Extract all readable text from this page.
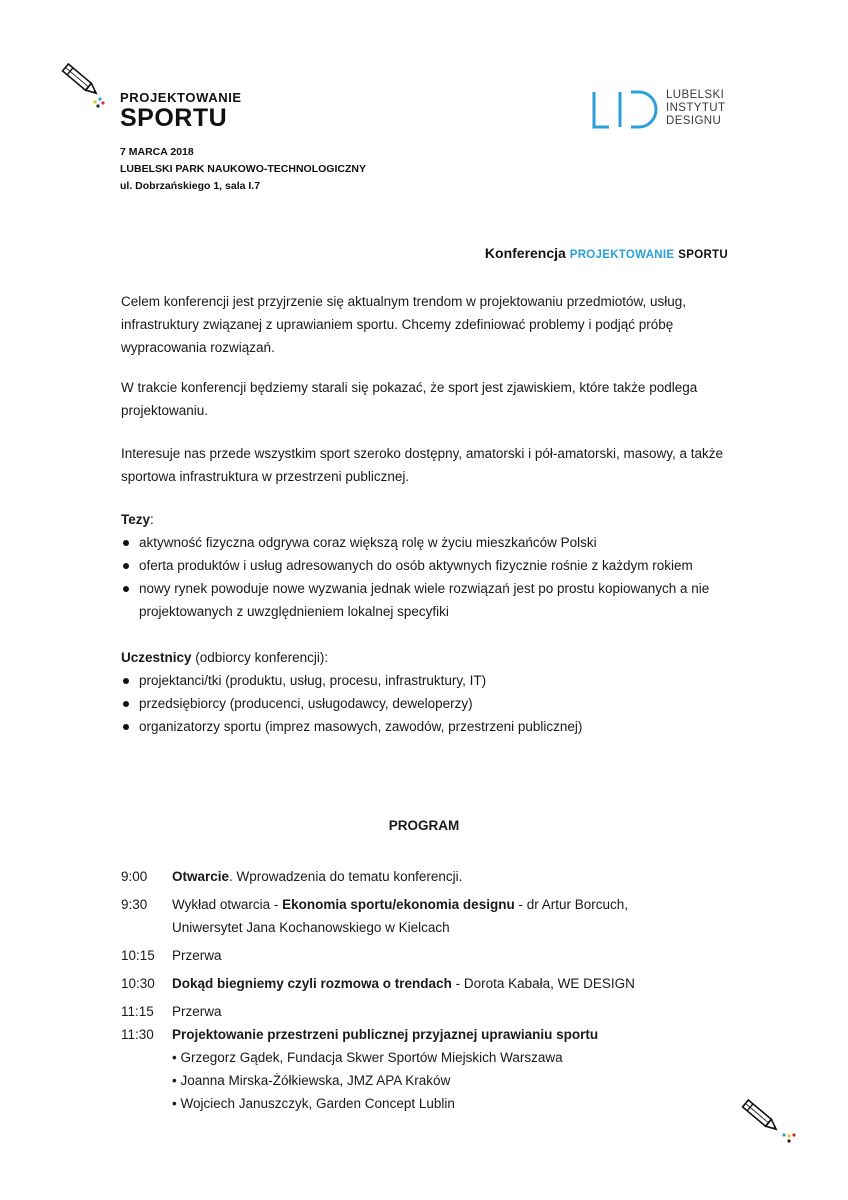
PROJEKTOWANIE
SPORTU
7 MARCA 2018
LUBELSKI PARK NAUKOWO-TECHNOLOGICZNY
ul. Dobrzańskiego 1, sala I.7
LUBELSKI
INSTYTUT
DESIGNU
Konferencja PROJEKTOWANIE SPORTU

Celem konferencji jest przyjrzenie się aktualnym trendom w projektowaniu przedmiotów, usług, infrastruktury związanej z uprawianiem sportu. Chcemy zdefiniować problemy i podjąć próbę wypracowania rozwiązań.

W trakcie konferencji będziemy starali się pokazać, że sport jest zjawiskiem, które także podlega projektowaniu.

Interesuje nas przede wszystkim sport szeroko dostępny, amatorski i pół-amatorski, masowy, a także sportowa infrastruktura w przestrzeni publicznej.

Tezy:
aktywność fizyczna odgrywa coraz większą rolę w życiu mieszkańców Polski
oferta produktów i usług adresowanych do osób aktywnych fizycznie rośnie z każdym rokiem
nowy rynek powoduje nowe wyzwania jednak wiele rozwiązań jest po prostu kopiowanych a nie projektowanych z uwzględnieniem lokalnej specyfiki
Uczestnicy (odbiorcy konferencji):
projektanci/tki (produktu, usług, procesu, infrastruktury, IT)
przedsiębiorcy (producenci, usługodawcy, deweloperzy)
organizatorzy sportu (imprez masowych, zawodów, przestrzeni publicznej)
PROGRAM
9:00	Otwarcie. Wprowadzenia do tematu konferencji.
9:30	Wykład otwarcia - Ekonomia sportu/ekonomia designu - dr Artur Borcuch, Uniwersytet Jana Kochanowskiego w Kielcach
10:15	Przerwa
10:30	Dokąd biegniemy czyli rozmowa o trendach - Dorota Kabała, WE DESIGN
11:15	Przerwa
11:30	Projektowanie przestrzeni publicznej przyjaznej uprawianiu sportu
• Grzegorz Gądek, Fundacja Skwer Sportów Miejskich Warszawa
• Joanna Mirska-Żółkiewska, JMZ APA Kraków
• Wojciech Januszczyk, Garden Concept Lublin
